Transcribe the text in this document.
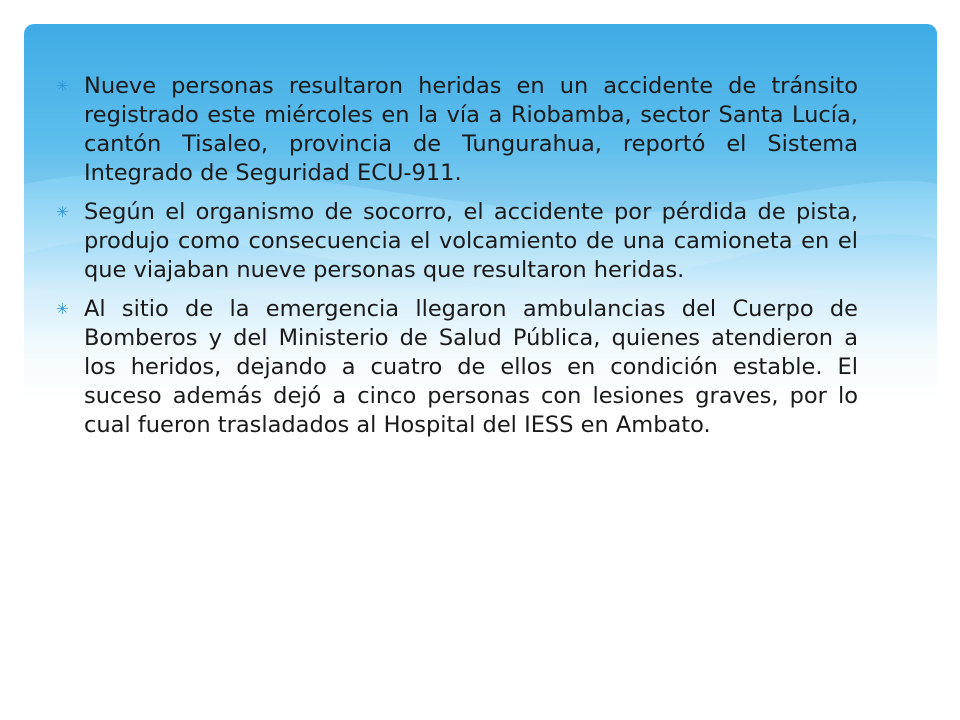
✳ Nueve personas resultaron heridas en un accidente de tránsito registrado este miércoles en la vía a Riobamba, sector Santa Lucía, cantón Tisaleo, provincia de Tungurahua, reportó el Sistema Integrado de Seguridad ECU-911.
✳ Según el organismo de socorro, el accidente por pérdida de pista, produjo como consecuencia el volcamiento de una camioneta en el que viajaban nueve personas que resultaron heridas.
✳ Al sitio de la emergencia llegaron ambulancias del Cuerpo de Bomberos y del Ministerio de Salud Pública, quienes atendieron a los heridos, dejando a cuatro de ellos en condición estable. El suceso además dejó a cinco personas con lesiones graves, por lo cual fueron trasladados al Hospital del IESS en Ambato.
